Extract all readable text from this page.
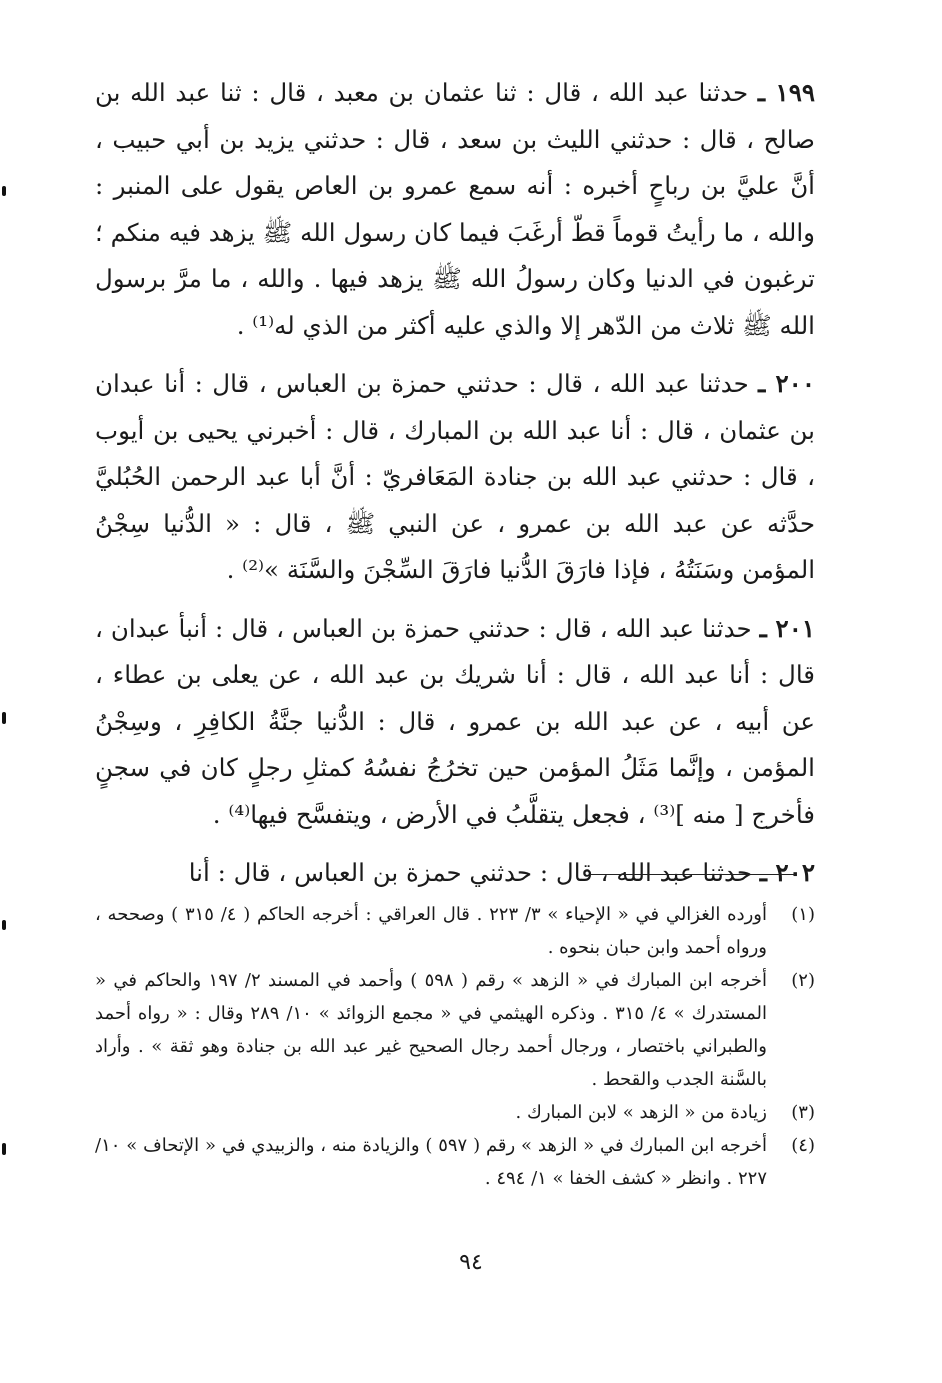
١٩٩ ـ حدثنا عبد الله ، قال : ثنا عثمان بن معبد ، قال : ثنا عبد الله بن صالح ، قال : حدثني الليث بن سعد ، قال : حدثني يزيد بن أبي حبيب ، أنَّ عليَّ بن رباحٍ أخبره : أنه سمع عمرو بن العاص يقول على المنبر : والله ، ما رأيتُ قوماً قطّ أرغَبَ فيما كان رسول الله ﷺ يزهد فيه منكم ؛ ترغبون في الدنيا وكان رسولُ الله ﷺ يزهد فيها . والله ، ما مرَّ برسول الله ﷺ ثلاث من الدّهر إلا والذي عليه أكثر من الذي له⁽¹⁾ .

٢٠٠ ـ حدثنا عبد الله ، قال : حدثني حمزة بن العباس ، قال : أنا عبدان بن عثمان ، قال : أنا عبد الله بن المبارك ، قال : أخبرني يحيى بن أيوب ، قال : حدثني عبد الله بن جنادة المَعَافريّ : أنَّ أبا عبد الرحمن الحُبُليَّ حدَّثه عن عبد الله بن عمرو ، عن النبي ﷺ ، قال : « الدُّنيا سِجْنُ المؤمن وسَنَتُهُ ، فإذا فارَقَ الدُّنيا فارَقَ السِّجْنَ والسَّنَة »⁽²⁾ .

٢٠١ ـ حدثنا عبد الله ، قال : حدثني حمزة بن العباس ، قال : أنبأ عبدان ، قال : أنا عبد الله ، قال : أنا شريك بن عبد الله ، عن يعلى بن عطاء ، عن أبيه ، عن عبد الله بن عمرو ، قال : الدُّنيا جنَّةُ الكافِرِ ، وسِجْنُ المؤمن ، وإنَّما مَثَلُ المؤمن حين تخرُجُ نفسُهُ كمثلِ رجلٍ كان في سجنٍ فأخرج [ منه ]⁽³⁾ ، فجعل يتقلَّبُ في الأرض ، ويتفسَّح فيها⁽⁴⁾ .

٢٠٢ ـ حدثنا عبد الله ، قال : حدثني حمزة بن العباس ، قال : أنا

(١)
أورده الغزالي في « الإحياء » ٣/ ٢٢٣ . قال العراقي : أخرجه الحاكم ( ٤/ ٣١٥ ) وصححه ، ورواه أحمد وابن حبان بنحوه .
(٢)
أخرجه ابن المبارك في « الزهد » رقم ( ٥٩٨ ) وأحمد في المسند ٢/ ١٩٧ والحاكم في « المستدرك » ٤/ ٣١٥ . وذكره الهيثمي في « مجمع الزوائد » ١٠/ ٢٨٩ وقال : « رواه أحمد والطبراني باختصار ، ورجال أحمد رجال الصحيح غير عبد الله بن جنادة وهو ثقة » . وأراد بالسَّنة الجدب والقحط .
(٣)
زيادة من « الزهد » لابن المبارك .
(٤)
أخرجه ابن المبارك في « الزهد » رقم ( ٥٩٧ ) والزيادة منه ، والزبيدي في « الإتحاف » ١٠/ ٢٢٧ . وانظر « كشف الخفا » ١/ ٤٩٤ .
٩٤
